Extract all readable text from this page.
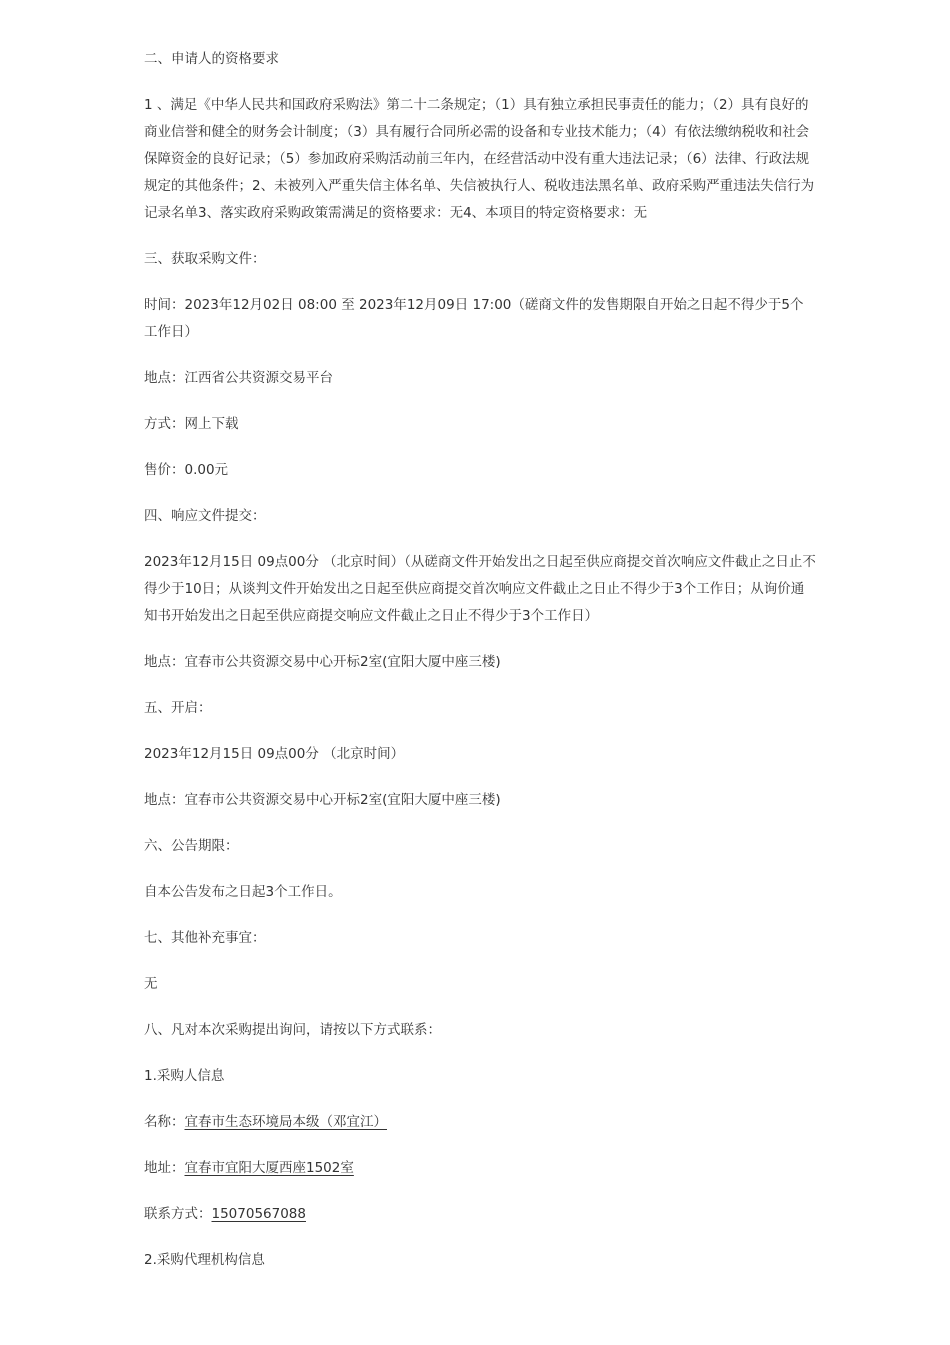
二、申请人的资格要求

1 、满足《中华人民共和国政府采购法》第二十二条规定；（1）具有独立承担民事责任的能力；（2）具有良好的商业信誉和健全的财务会计制度；（3）具有履行合同所必需的设备和专业技术能力；（4）有依法缴纳税收和社会保障资金的良好记录；（5）参加政府采购活动前三年内，在经营活动中没有重大违法记录；（6）法律、行政法规规定的其他条件；2、未被列入严重失信主体名单、失信被执行人、税收违法黑名单、政府采购严重违法失信行为记录名单3、落实政府采购政策需满足的资格要求：无4、本项目的特定资格要求：无

三、获取采购文件：

时间：2023年12月02日 08:00 至 2023年12月09日 17:00（磋商文件的发售期限自开始之日起不得少于5个工作日）

地点：江西省公共资源交易平台

方式：网上下载

售价：0.00元

四、响应文件提交：

2023年12月15日 09点00分 （北京时间）（从磋商文件开始发出之日起至供应商提交首次响应文件截止之日止不得少于10日；从谈判文件开始发出之日起至供应商提交首次响应文件截止之日止不得少于3个工作日；从询价通知书开始发出之日起至供应商提交响应文件截止之日止不得少于3个工作日）

地点：宜春市公共资源交易中心开标2室(宜阳大厦中座三楼)

五、开启：

2023年12月15日 09点00分 （北京时间）

地点：宜春市公共资源交易中心开标2室(宜阳大厦中座三楼)

六、公告期限：

自本公告发布之日起3个工作日。

七、其他补充事宜：

无

八、凡对本次采购提出询问，请按以下方式联系：

1.采购人信息

名称：宜春市生态环境局本级（邓宜江）

地址：宜春市宜阳大厦西座1502室

联系方式：15070567088

2.采购代理机构信息
